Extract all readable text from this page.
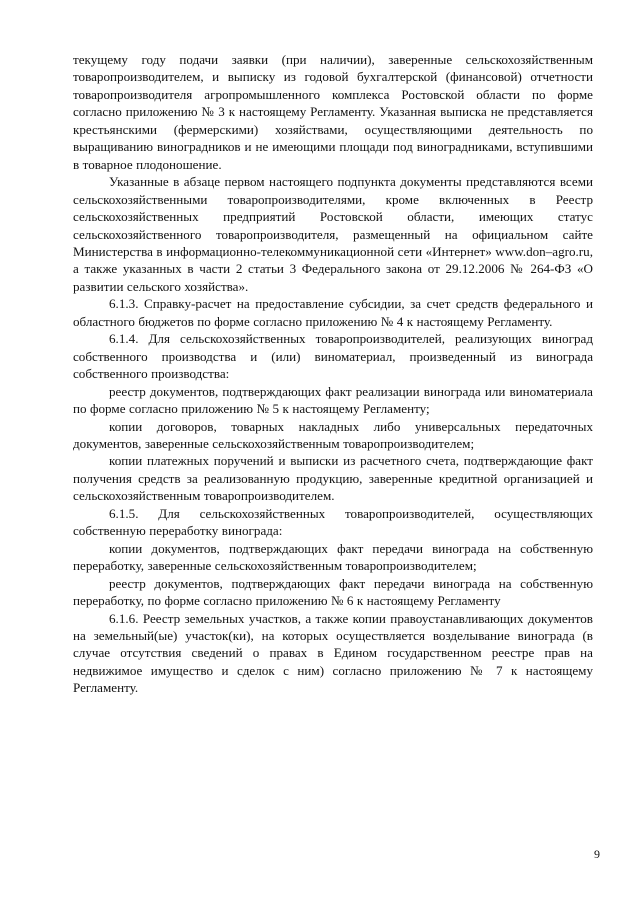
текущему году подачи заявки (при наличии), заверенные сельскохозяйственным товаропроизводителем, и выписку из годовой бухгалтерской (финансовой) отчетности товаропроизводителя агропромышленного комплекса Ростовской области по форме согласно приложению № 3 к настоящему Регламенту. Указанная выписка не представляется крестьянскими (фермерскими) хозяйствами, осуществляющими деятельность по выращиванию виноградников и не имеющими площади под виноградниками, вступившими в товарное плодоношение.

Указанные в абзаце первом настоящего подпункта документы представляются всеми сельскохозяйственными товаропроизводителями, кроме включенных в Реестр сельскохозяйственных предприятий Ростовской области, имеющих статус сельскохозяйственного товаропроизводителя, размещенный на официальном сайте Министерства в информационно-телекоммуникационной сети «Интернет» www.don–agro.ru, а также указанных в части 2 статьи 3 Федерального закона от 29.12.2006 № 264-ФЗ «О развитии сельского хозяйства».

6.1.3. Справку-расчет на предоставление субсидии, за счет средств федерального и областного бюджетов по форме согласно приложению № 4 к настоящему Регламенту.

6.1.4. Для сельскохозяйственных товаропроизводителей, реализующих виноград собственного производства и (или) виноматериал, произведенный из винограда собственного производства:

реестр документов, подтверждающих факт реализации винограда или виноматериала по форме согласно приложению № 5 к настоящему Регламенту;

копии договоров, товарных накладных либо универсальных передаточных документов, заверенные сельскохозяйственным товаропроизводителем;

копии платежных поручений и выписки из расчетного счета, подтверждающие факт получения средств за реализованную продукцию, заверенные кредитной организацией и сельскохозяйственным товаропроизводителем.

6.1.5. Для сельскохозяйственных товаропроизводителей, осуществляющих собственную переработку винограда:

копии документов, подтверждающих факт передачи винограда на собственную переработку, заверенные сельскохозяйственным товаропроизводителем;

реестр документов, подтверждающих факт передачи винограда на собственную переработку, по форме согласно приложению № 6 к настоящему Регламенту

6.1.6. Реестр земельных участков, а также копии правоустанавливающих документов на земельный(ые) участок(ки), на которых осуществляется возделывание винограда (в случае отсутствия сведений о правах в Едином государственном реестре прав на недвижимое имущество и сделок с ним) согласно приложению № 7 к настоящему Регламенту.

9
